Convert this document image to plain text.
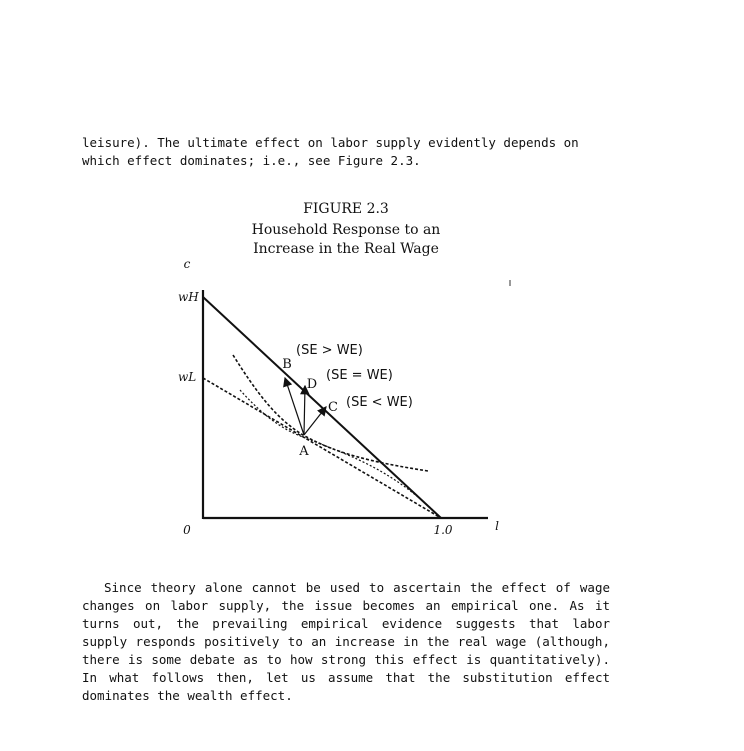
leisure). The ultimate effect on labor supply evidently depends on which effect dominates; i.e., see Figure 2.3.
FIGURE 2.3
Household Response to an
Increase in the Real Wage
c
l
0
wH
wL
1.0
A
B
C
D
(SE > WE)
(SE = WE)
(SE < WE)
Since theory alone cannot be used to ascertain the effect of wage changes on labor supply, the issue becomes an empirical one. As it turns out, the prevailing empirical evidence suggests that labor supply responds positively to an increase in the real wage (although, there is some debate as to how strong this effect is quantitatively). In what follows then, let us assume that the substitution effect dominates the wealth effect.
